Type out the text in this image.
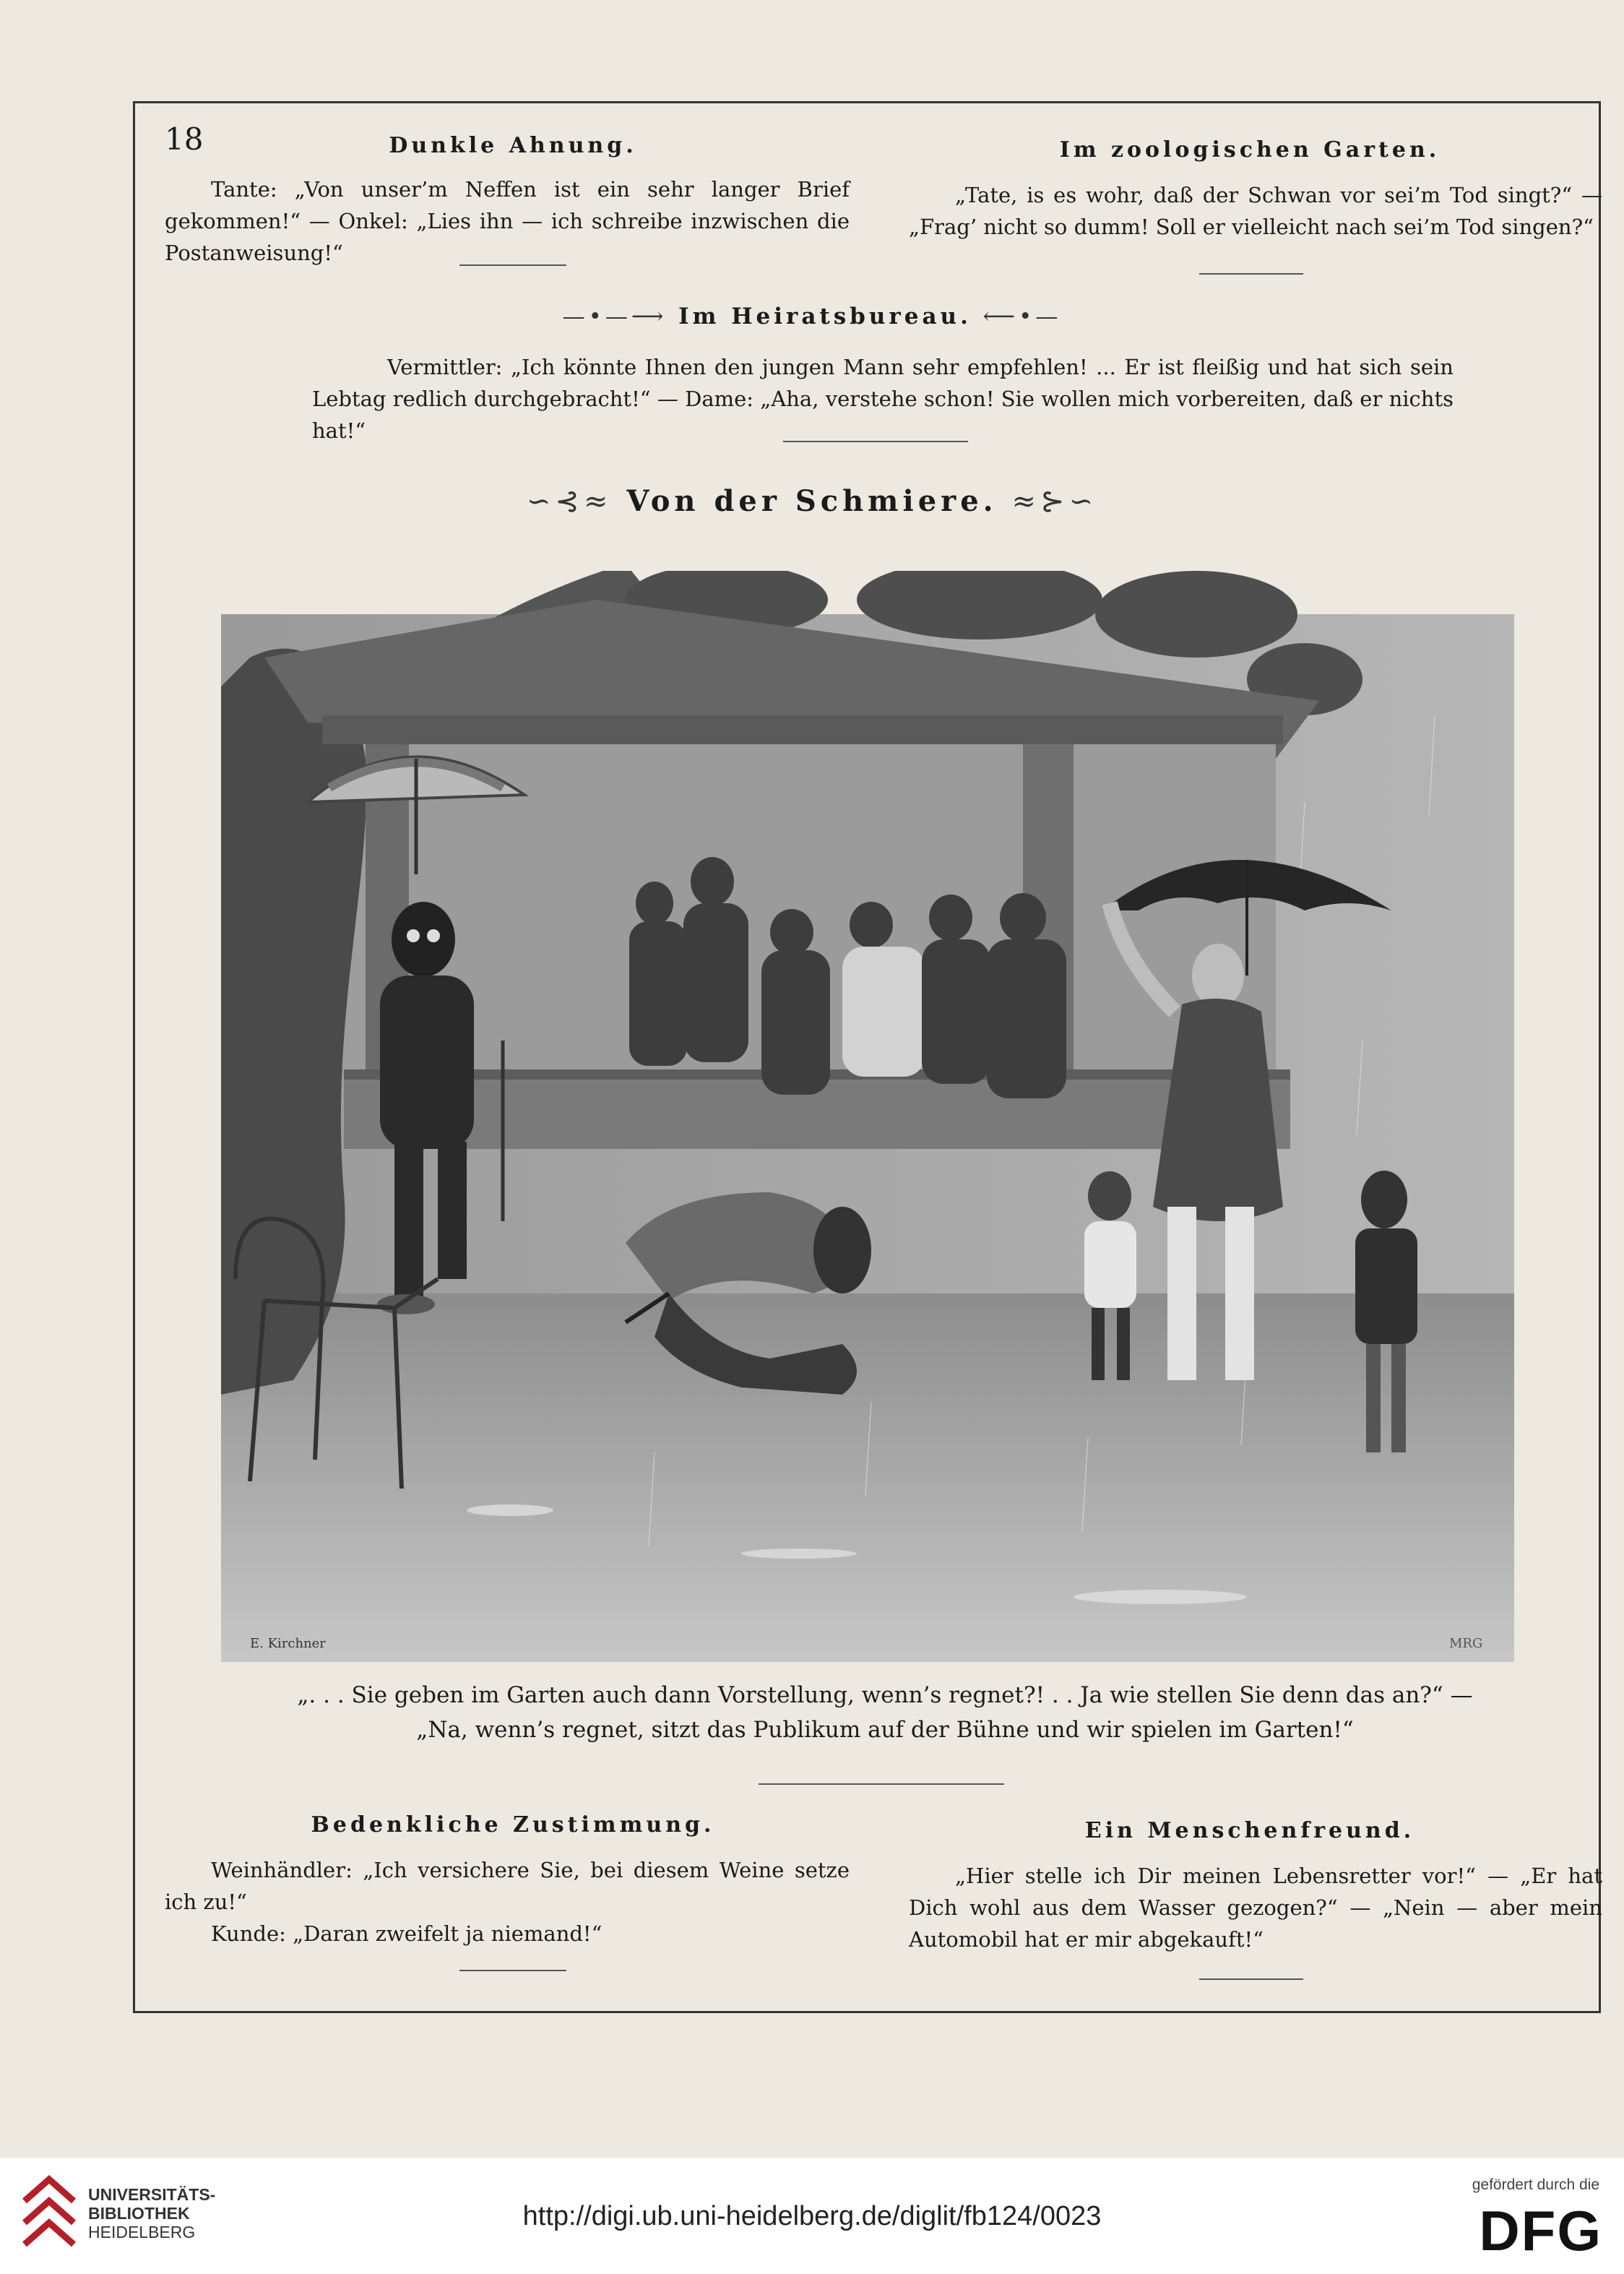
18	Dunkle Ahnung.

Tante: „Von unser’m Neffen ist ein sehr langer Brief gekommen!“ — Onkel: „Lies ihn — ich schreibe inzwischen die Postanweisung!“

Im zoologischen Garten.

„Tate, is es wohr, daß der Schwan vor sei’m Tod singt?“ — „Frag’ nicht so dumm! Soll er vielleicht nach sei’m Tod singen?“

—•—⟶ Im Heiratsbureau. ⟵•—

Vermittler: „Ich könnte Ihnen den jungen Mann sehr empfehlen! ... Er ist fleißig und hat sich sein Lebtag redlich durchgebracht!“ — Dame: „Aha, verstehe schon! Sie wollen mich vorbereiten, daß er nichts hat!“

∽⊰≈ Von der Schmiere. ≈⊱∽
E. Kirchner	MRG

„. . . Sie geben im Garten auch dann Vorstellung, wenn’s regnet?! . . Ja wie stellen Sie denn das an?“ —

„Na, wenn’s regnet, sitzt das Publikum auf der Bühne und wir spielen im Garten!“

Bedenkliche Zustimmung.

Weinhändler: „Ich versichere Sie, bei diesem Weine setze ich zu!“

Kunde: „Daran zweifelt ja niemand!“

Ein Menschenfreund.

„Hier stelle ich Dir meinen Lebensretter vor!“ — „Er hat Dich wohl aus dem Wasser gezogen?“ — „Nein — aber mein Automobil hat er mir abgekauft!“

UNIVERSITÄTS-
BIBLIOTHEK
HEIDELBERG
http://digi.ub.uni-heidelberg.de/diglit/fb124/0023
gefördert durch die
DFG
